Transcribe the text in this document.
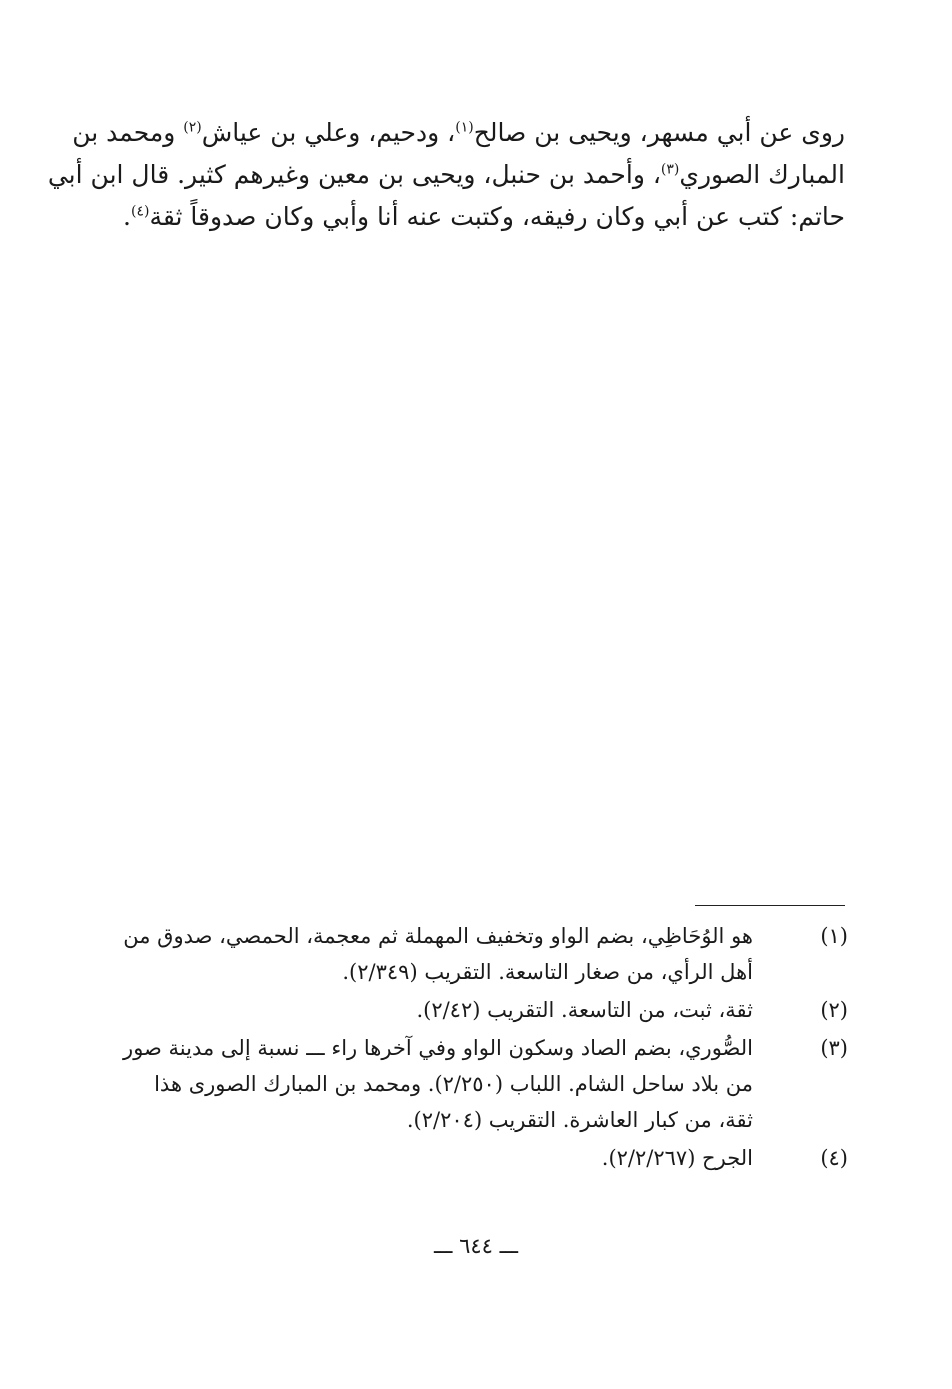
روى عن أبي مسهر، ويحيى بن صالح$^{(١)}$، ودحيم، وعلي بن عياش$^{(٢)}$ ومحمد بن
المبارك الصوري$^{(٣)}$، وأحمد بن حنبل، ويحيى بن معين وغيرهم كثير. قال ابن أبي
حاتم: كتب عن أبي وكان رفيقه، وكتبت عنه أنا وأبي وكان صدوقاً ثقة$^{(٤)}$.
(١)
هو الوُحَاظِي، بضم الواو وتخفيف المهملة ثم معجمة، الحمصي، صدوق من
أهل الرأي، من صغار التاسعة. التقريب (٢/٣٤٩).
(٢)
ثقة، ثبت، من التاسعة. التقريب (٢/٤٢).
(٣)
الصُّوري، بضم الصاد وسكون الواو وفي آخرها راء ـــ نسبة إلى مدينة صور
من بلاد ساحل الشام. اللباب (٢/٢٥٠). ومحمد بن المبارك الصورى هذا
ثقة، من كبار العاشرة. التقريب (٢/٢٠٤).
(٤)
الجرح (٢/٢/٢٦٧).
ـــ ٦٤٤ ـــ
